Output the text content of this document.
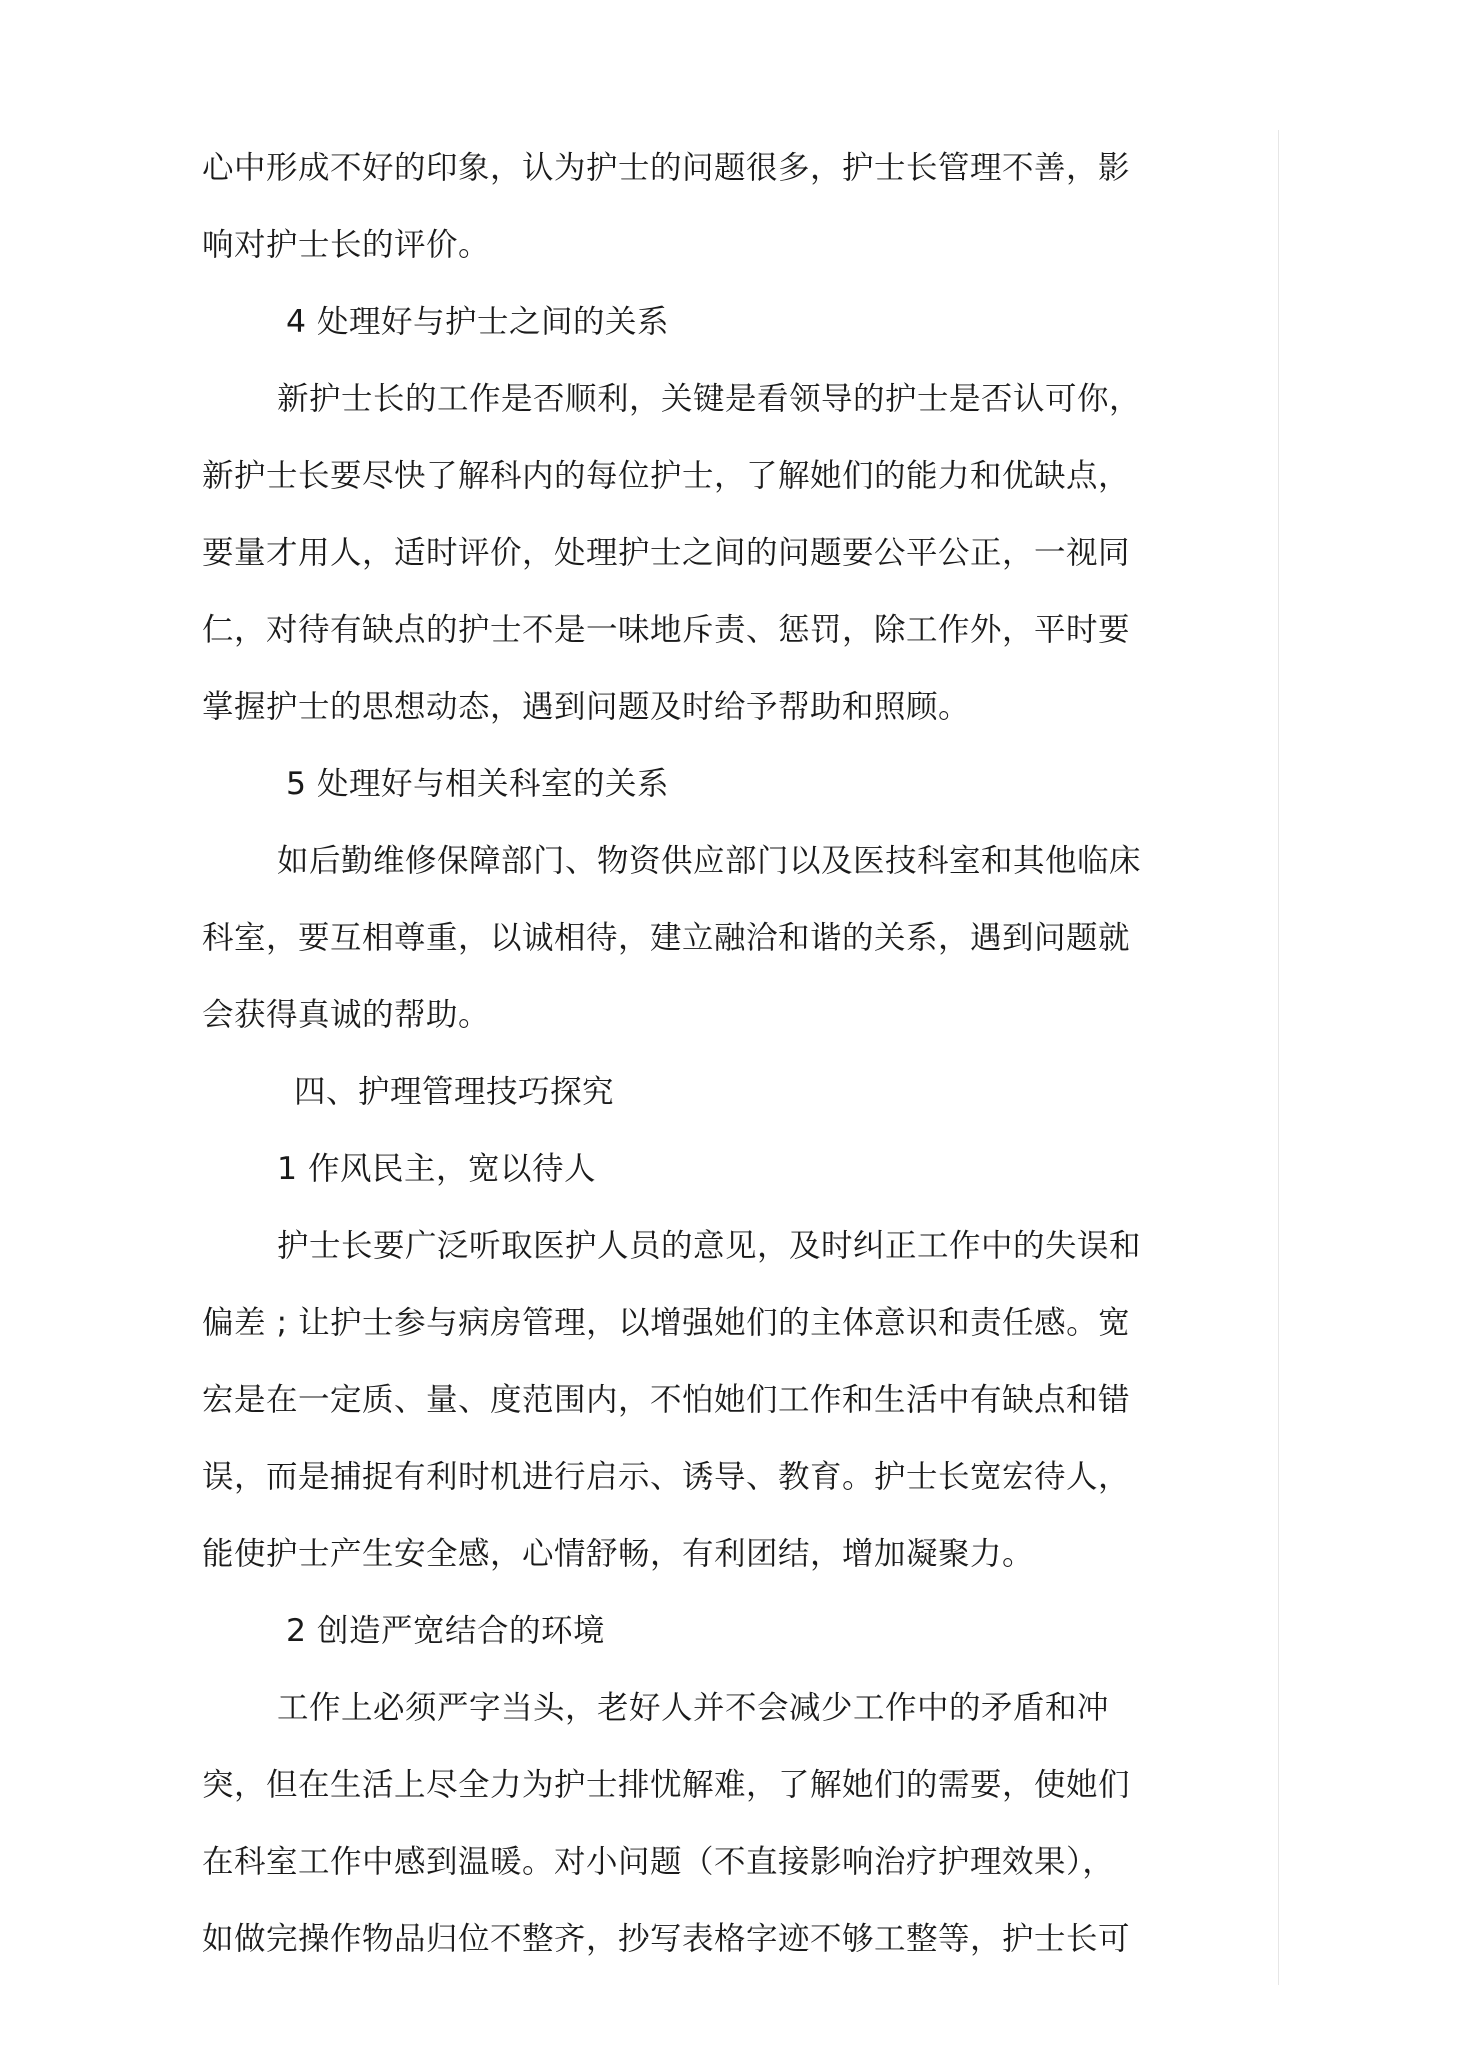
心中形成不好的印象，认为护士的问题很多，护士长管理不善，影
响对护士长的评价。
4 处理好与护士之间的关系
新护士长的工作是否顺利，关键是看领导的护士是否认可你，
新护士长要尽快了解科内的每位护士，了解她们的能力和优缺点，
要量才用人，适时评价，处理护士之间的问题要公平公正，一视同
仁，对待有缺点的护士不是一味地斥责、惩罚，除工作外，平时要
掌握护士的思想动态，遇到问题及时给予帮助和照顾。
5 处理好与相关科室的关系
如后勤维修保障部门、物资供应部门以及医技科室和其他临床
科室，要互相尊重，以诚相待，建立融洽和谐的关系，遇到问题就
会获得真诚的帮助。
四、护理管理技巧探究
1 作风民主，宽以待人
护士长要广泛听取医护人员的意见，及时纠正工作中的失误和
偏差 ; 让护士参与病房管理，以增强她们的主体意识和责任感。宽
宏是在一定质、量、度范围内，不怕她们工作和生活中有缺点和错
误，而是捕捉有利时机进行启示、诱导、教育。护士长宽宏待人，
能使护士产生安全感，心情舒畅，有利团结，增加凝聚力。
2 创造严宽结合的环境
工作上必须严字当头，老好人并不会减少工作中的矛盾和冲
突，但在生活上尽全力为护士排忧解难，了解她们的需要，使她们
在科室工作中感到温暖。对小问题（不直接影响治疗护理效果），
如做完操作物品归位不整齐，抄写表格字迹不够工整等，护士长可
